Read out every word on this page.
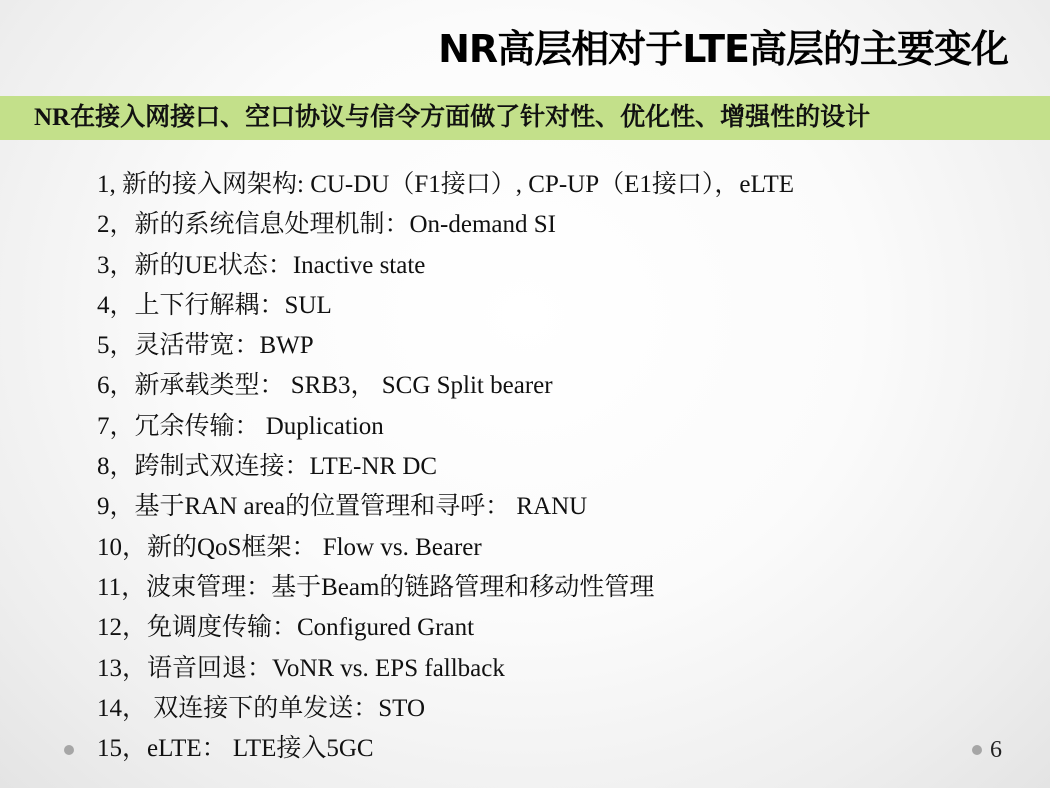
NR高层相对于LTE高层的主要变化
NR在接入网接口、空口协议与信令方面做了针对性、优化性、增强性的设计
1, 新的接入网架构: CU-DU（F1接口）, CP-UP（E1接口），eLTE
2，新的系统信息处理机制：On-demand SI
3，新的UE状态：Inactive state
4，上下行解耦：SUL
5，灵活带宽：BWP
6，新承载类型： SRB3， SCG Split bearer
7，冗余传输： Duplication
8，跨制式双连接：LTE-NR DC
9，基于RAN area的位置管理和寻呼： RANU
10，新的QoS框架： Flow vs. Bearer
11，波束管理：基于Beam的链路管理和移动性管理
12，免调度传输：Configured Grant
13，语音回退：VoNR vs. EPS fallback
14， 双连接下的单发送：STO
15，eLTE： LTE接入5GC	6
